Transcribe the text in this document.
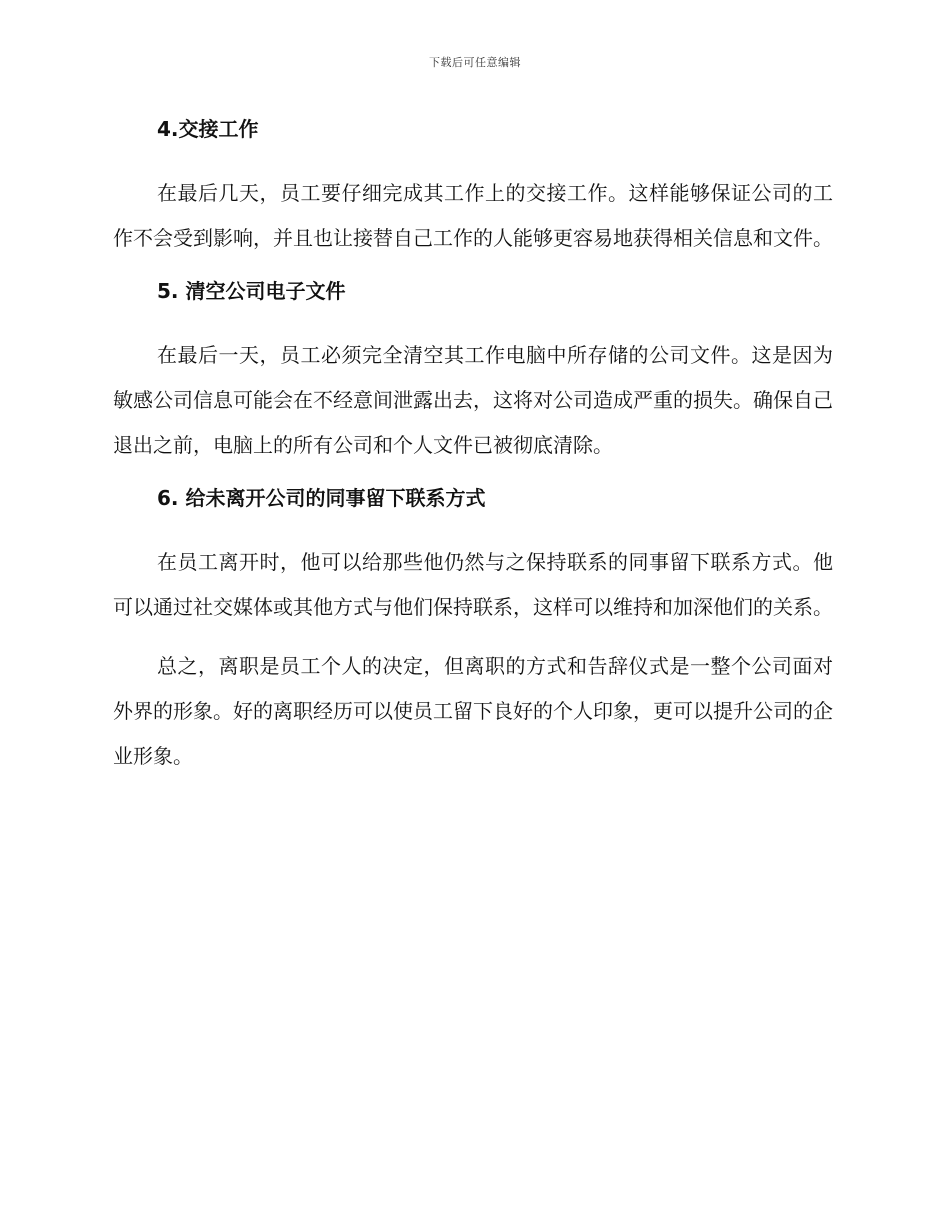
下载后可任意编辑
4.交接工作

在最后几天，员工要仔细完成其工作上的交接工作。这样能够保证公司的工作不会受到影响，并且也让接替自己工作的人能够更容易地获得相关信息和文件。

5. 清空公司电子文件

在最后一天，员工必须完全清空其工作电脑中所存储的公司文件。这是因为敏感公司信息可能会在不经意间泄露出去，这将对公司造成严重的损失。确保自己退出之前，电脑上的所有公司和个人文件已被彻底清除。

6. 给未离开公司的同事留下联系方式

在员工离开时，他可以给那些他仍然与之保持联系的同事留下联系方式。他可以通过社交媒体或其他方式与他们保持联系，这样可以维持和加深他们的关系。

总之，离职是员工个人的决定，但离职的方式和告辞仪式是一整个公司面对外界的形象。好的离职经历可以使员工留下良好的个人印象，更可以提升公司的企业形象。
